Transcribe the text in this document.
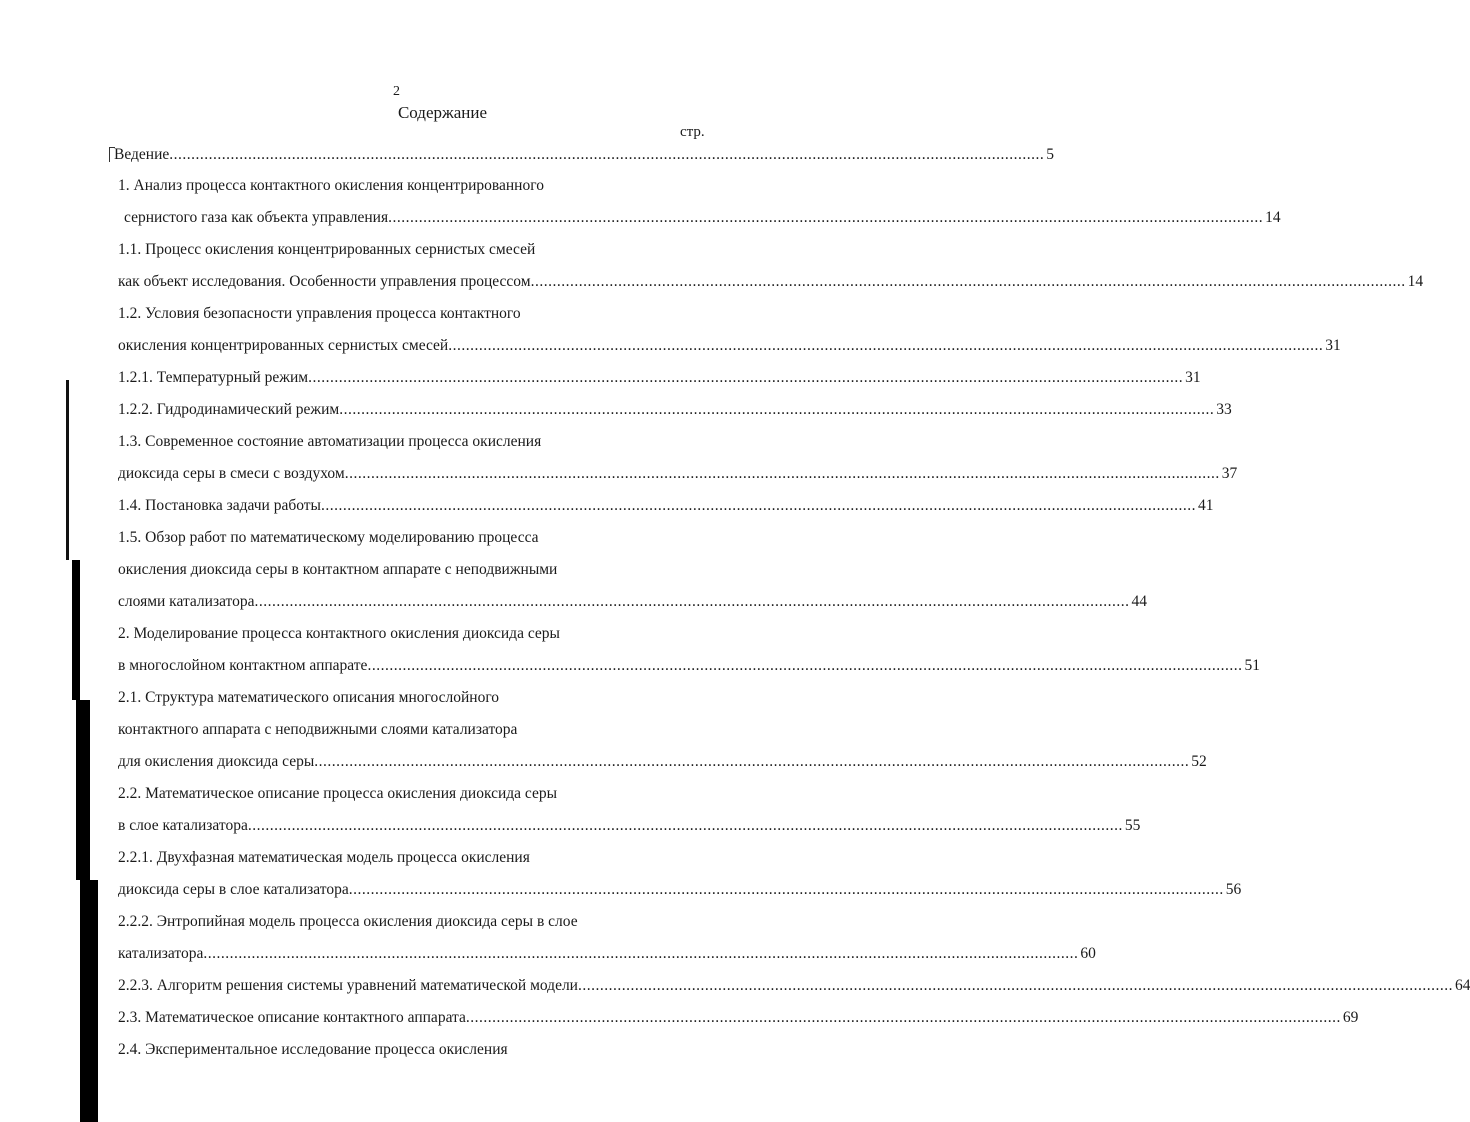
2
Содержание
стр.
Ведение ........................................................................................................................................................................................................ 5
1. Анализ процесса контактного окисления концентрированного
сернистого газа как объекта управления ........................................................................................................................................................................................................ 14
1.1. Процесс окисления концентрированных сернистых смесей
как объект исследования. Особенности управления процессом ........................................................................................................................................................................................................ 14
1.2. Условия безопасности управления процесса контактного
окисления концентрированных сернистых смесей ........................................................................................................................................................................................................ 31
1.2.1. Температурный режим ........................................................................................................................................................................................................ 31
1.2.2. Гидродинамический режим ........................................................................................................................................................................................................ 33
1.3. Современное состояние автоматизации процесса окисления
диоксида серы в смеси с воздухом ........................................................................................................................................................................................................ 37
1.4. Постановка задачи работы ........................................................................................................................................................................................................ 41
1.5. Обзор работ по математическому моделированию процесса
окисления диоксида серы в контактном аппарате с неподвижными
слоями катализатора ........................................................................................................................................................................................................ 44
2. Моделирование процесса контактного окисления диоксида серы
в многослойном контактном аппарате ........................................................................................................................................................................................................ 51
2.1. Структура математического описания многослойного
контактного аппарата с неподвижными слоями катализатора
для окисления диоксида серы ........................................................................................................................................................................................................ 52
2.2. Математическое описание процесса окисления диоксида серы
в слое катализатора ........................................................................................................................................................................................................ 55
2.2.1. Двухфазная математическая модель процесса окисления
диоксида серы в слое катализатора ........................................................................................................................................................................................................ 56
2.2.2. Энтропийная модель процесса окисления диоксида серы в слое
катализатора ........................................................................................................................................................................................................ 60
2.2.3. Алгоритм решения системы уравнений математической модели ........................................................................................................................................................................................................ 64
2.3. Математическое описание контактного аппарата ........................................................................................................................................................................................................ 69
2.4. Экспериментальное исследование процесса окисления
